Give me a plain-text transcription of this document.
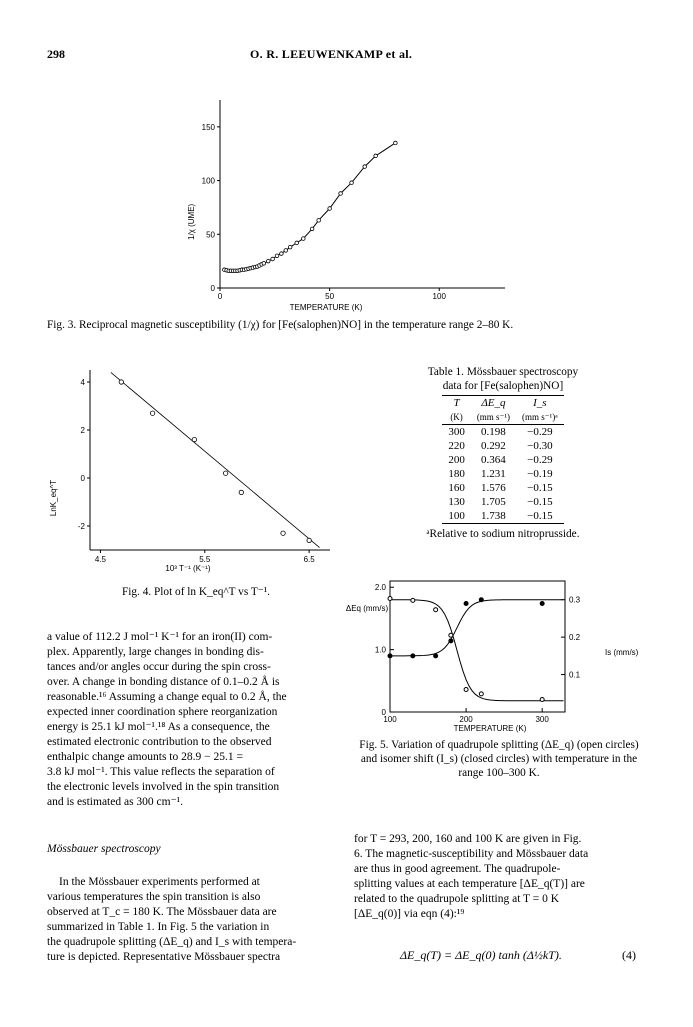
298	O. R. LEEUWENKAMP et al.
0
50
100
150
0	50	100
1/χ (UME)
TEMPERATURE (K)
Fig. 3. Reciprocal magnetic susceptibility (1/χ) for [Fe(salophen)NO] in the temperature range 2–80 K.
4
2
0
-2
4.5	5.5	6.5
LnK_eq^T
10³ T⁻¹ (K⁻¹)
Fig. 4. Plot of ln K_eq^T vs T⁻¹.
Table 1. Mössbauer spectroscopy
data for [Fe(salophen)NO]
T	ΔE_q	I_s
(K)	(mm s⁻¹)	(mm s⁻¹)ᵃ
300	0.198	−0.29
220	0.292	−0.30
200	0.364	−0.29
180	1.231	−0.19
160	1.576	−0.15
130	1.705	−0.15
100	1.738	−0.15
ᵃRelative to sodium nitroprusside.
0
1.0
2.0
0.1
0.2
0.3
100	200	300
ΔEq (mm/s)
Is (mm/s)
TEMPERATURE (K)
Fig. 5. Variation of quadrupole splitting (ΔE_q) (open circles) and isomer shift (I_s) (closed circles) with temperature in the range 100–300 K.
a value of 112.2 J mol⁻¹ K⁻¹ for an iron(II) com-
plex. Apparently, large changes in bonding dis-
tances and/or angles occur during the spin cross-
over. A change in bonding distance of 0.1–0.2 Å is
reasonable.¹⁶ Assuming a change equal to 0.2 Å, the
expected inner coordination sphere reorganization
energy is 25.1 kJ mol⁻¹.¹⁸ As a consequence, the
estimated electronic contribution to the observed
enthalpic change amounts to 28.9 − 25.1 =
3.8 kJ mol⁻¹. This value reflects the separation of
the electronic levels involved in the spin transition
and is estimated as 300 cm⁻¹.
Mössbauer spectroscopy
In the Mössbauer experiments performed at
various temperatures the spin transition is also
observed at T_c = 180 K. The Mössbauer data are
summarized in Table 1. In Fig. 5 the variation in
the quadrupole splitting (ΔE_q) and I_s with tempera-
ture is depicted. Representative Mössbauer spectra
for T = 293, 200, 160 and 100 K are given in Fig.
6. The magnetic-susceptibility and Mössbauer data
are thus in good agreement. The quadrupole-
splitting values at each temperature [ΔE_q(T)] are
related to the quadrupole splitting at T = 0 K
[ΔE_q(0)] via eqn (4):¹⁹
ΔE_q(T) = ΔE_q(0) tanh (Δ½kT).	(4)
